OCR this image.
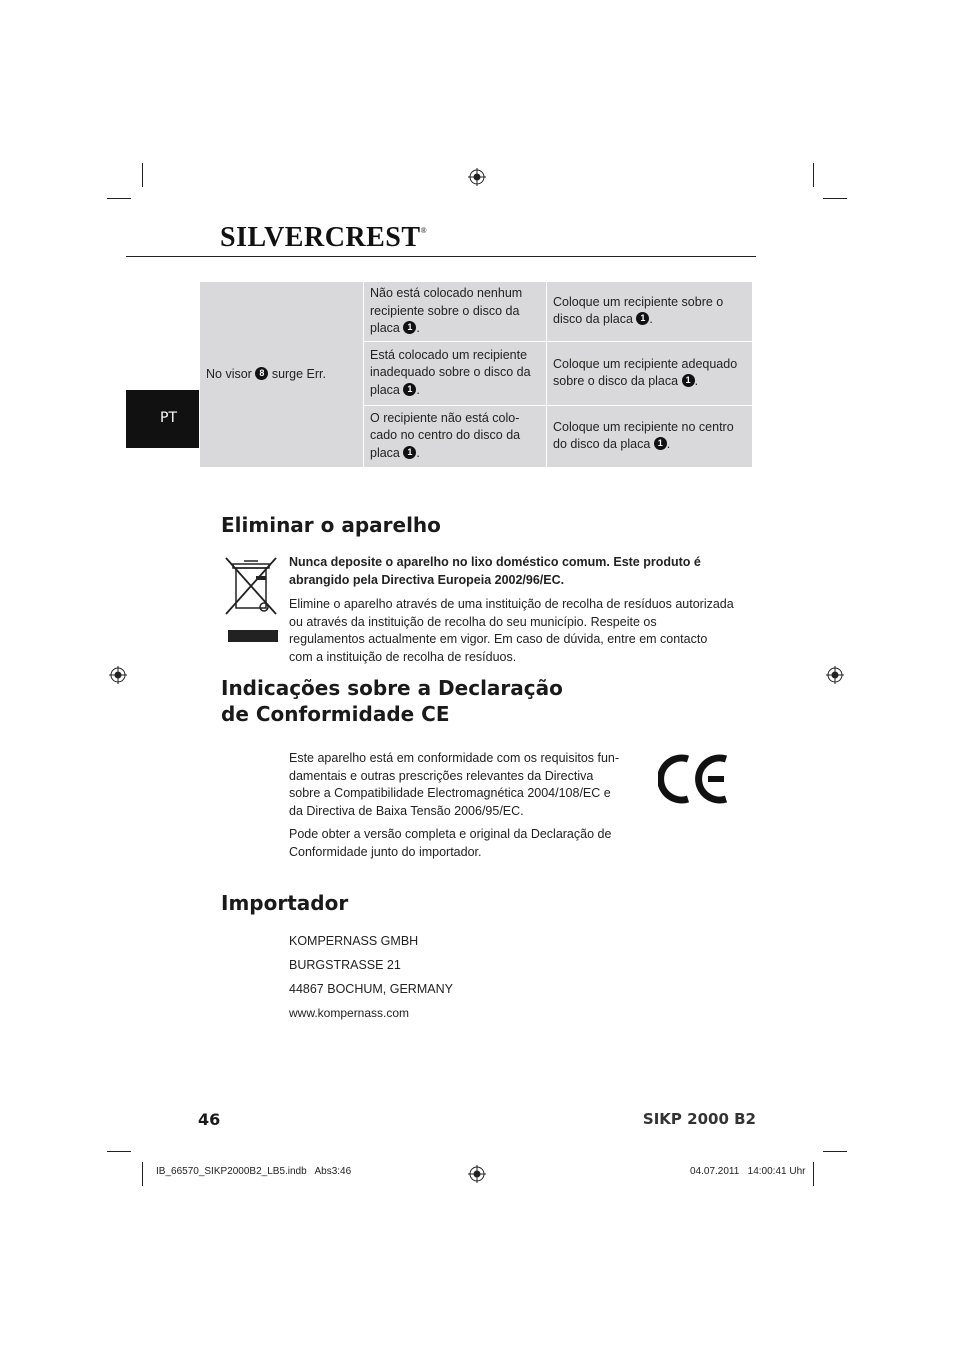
SILVERCREST®
PT
No visor 8 surge Err.	Não está colocado nenhum recipiente sobre o disco da placa 1 .	Coloque um recipiente sobre o disco da placa 1 .
	Está colocado um recipiente inadequado sobre o disco da placa 1 .	Coloque um recipiente adequado sobre o disco da placa 1 .
	O recipiente não está colo-cado no centro do disco da placa 1 .	Coloque um recipiente no centro do disco da placa 1 .
Eliminar o aparelho
Nunca deposite o aparelho no lixo doméstico comum. Este produto é abrangido pela Directiva Europeia 2002/96/EC.
Elimine o aparelho através de uma instituição de recolha de resíduos autorizada ou através da instituição de recolha do seu município. Respeite os regulamentos actualmente em vigor. Em caso de dúvida, entre em contacto com a instituição de recolha de resíduos.
Indicações sobre a Declaração
de Conformidade CE
Este aparelho está em conformidade com os requisitos fun-damentais e outras prescrições relevantes da Directiva sobre a Compatibilidade Electromagnética 2004/108/EC e da Directiva de Baixa Tensão 2006/95/EC.
Pode obter a versão completa e original da Declaração de Conformidade junto do importador.
Importador
KOMPERNASS GMBH
BURGSTRASSE 21
44867 BOCHUM, GERMANY
www.kompernass.com
46	SIKP 2000 B2
IB_66570_SIKP2000B2_LB5.indb   Abs3:46	04.07.2011   14:00:41 Uhr
